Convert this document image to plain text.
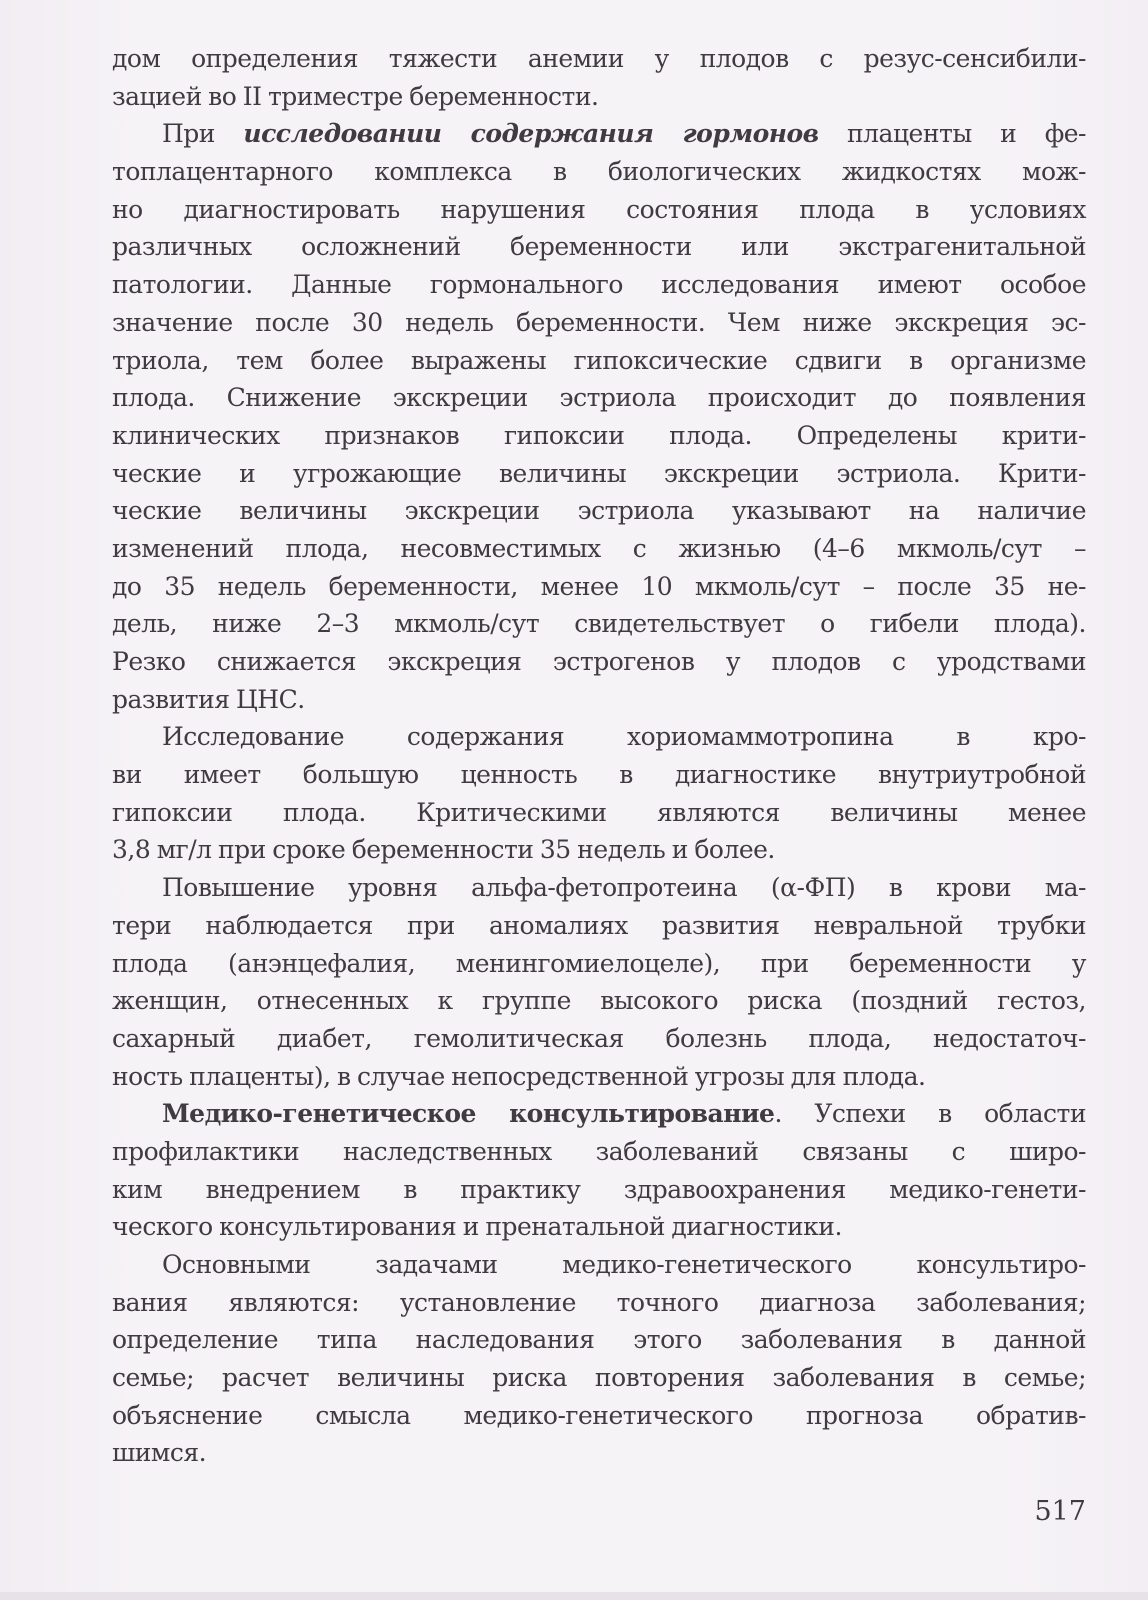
дом определения тяжести анемии у плодов с резус-сенсибили-
зацией во II триместре беременности.
При исследовании содержания гормонов плаценты и фе-
топлацентарного комплекса в биологических жидкостях мож-
но диагностировать нарушения состояния плода в условиях
различных осложнений беременности или экстрагенитальной
патологии. Данные гормонального исследования имеют особое
значение после 30 недель беременности. Чем ниже экскреция эс-
триола, тем более выражены гипоксические сдвиги в организме
плода. Снижение экскреции эстриола происходит до появления
клинических признаков гипоксии плода. Определены крити-
ческие и угрожающие величины экскреции эстриола. Крити-
ческие величины экскреции эстриола указывают на наличие
изменений плода, несовместимых с жизнью (4–6 мкмоль/сут –
до 35 недель беременности, менее 10 мкмоль/сут – после 35 не-
дель, ниже 2–3 мкмоль/сут свидетельствует о гибели плода).
Резко снижается экскреция эстрогенов у плодов с уродствами
развития ЦНС.
Исследование содержания хориомаммотропина в кро-
ви имеет большую ценность в диагностике внутриутробной
гипоксии плода. Критическими являются величины менее
3,8 мг/л при сроке беременности 35 недель и более.
Повышение уровня альфа-фетопротеина (α-ФП) в крови ма-
тери наблюдается при аномалиях развития невральной трубки
плода (анэнцефалия, менингомиелоцеле), при беременности у
женщин, отнесенных к группе высокого риска (поздний гестоз,
сахарный диабет, гемолитическая болезнь плода, недостаточ-
ность плаценты), в случае непосредственной угрозы для плода.
Медико-генетическое консультирование. Успехи в области
профилактики наследственных заболеваний связаны с широ-
ким внедрением в практику здравоохранения медико-генети-
ческого консультирования и пренатальной диагностики.
Основными задачами медико-генетического консультиро-
вания являются: установление точного диагноза заболевания;
определение типа наследования этого заболевания в данной
семье; расчет величины риска повторения заболевания в семье;
объяснение смысла медико-генетического прогноза обратив-
шимся.
517
